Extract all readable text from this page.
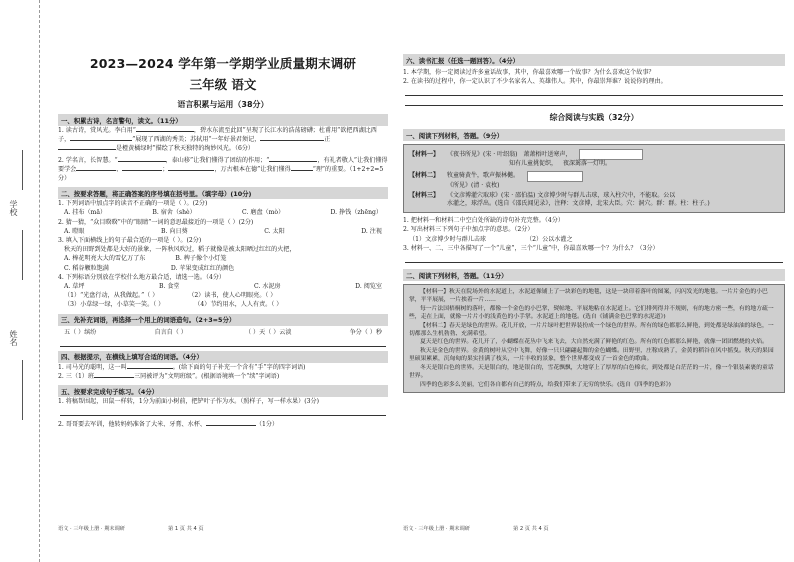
学校
姓名
2023—2024 学年第一学期学业质量期末调研
三年级 语文
语言积累与运用（38分）
一、积累古诗，名言警句，读文。（11分）
1. 读古诗，赏风光。李白用“	，碧水东流至此回”呈现了长江水的浩荡磅礴；杜甫用“欲把西湖比西子，	”展现了西湖的秀美；苏轼用“一年好景君须记，	正是橙黄橘绿时”描绘了秋天独特的绚妙风光。（6分）
2. 学名言，长智慧。“	，泰山移”让我们懂得了团结的作用；“	，有礼者敬人”让我们懂得要学会	、	；	，万古根本在德”让我们懂得	“理”的重要。（1+2+2=5分）
二、按要求答题，将正确答案的序号填在括号里。（填字母）(10分)
1. 下列词语中加点字的读音不正确的一项是（ ）。(2分)
A. 挂布（mā）	B. 宿舍（shè）	C. 磨盘（mò）	D. 挣钱（zhēng）
2. 猜一猜，“众目睽睽”中的“眼睛”一词的意思最接近的一项是（ ）(2分)
A. 瞪眼	B. 向日葵	C. 太阳	D. 注视
3. 填入下面横线上的句子最合适的一项是（ ）。(2分)
秋天的田野到处都是大好的景象，一阵秋风吹过，稻子就像是被太阳晒过红红的火把，
A. 棒花明亮大大的雪亿万了东	B. 稗子像个小灯笼
C. 稻谷颗粒饱满	D. 苹果变成红红的颜色
4. 下列标语分别放在学校什么地方最合适，请选一选。（4分）
A. 草坪	B. 食堂	C. 水泥房	D. 阅览室
（1）“光盘行动，从我做起。”（ ）	（2）读书，使人心明眼亮。（ ）
（3）小草绿一绿，小草笑一笑。（ ）	（4）节约用水，人人有责。（ ）
三、先补充词语，再选择一个用上的词语造句。（2+3=5分）
五（ ）缤纷	自言自（ ）	（ ）天（ ）云淡	争分（ ）秒
四、根据提示，在横线上填写合适的词语。（4分）
1. 司马光的聪明，这一叫	。(给下面的句子补充一个含有“手”字的四字词语)
2. 三（1）班	三同被评为“文明班级”。(根据语境填一个“续”字词语)
五、按要求完成句子练习。（4分）
1. 将稿帮围起，田鼠一样转，1分为前面小树前，把铲叶子作为水。（照样子，写一样水果）(3分)
2. 哥哥要去军训，他转妈妈准备了大米、牙膏、水杯、	（1分）
语文 · 三年级上册 · 期末调研	第 1 页 共 4 页
六、读书汇报（任选一题回答）。（4分）
1. 本学期，你一定阅读过许多童话故事，其中，你最喜欢哪一个故事？为什么喜欢这个故事？
2. 在读书的过程中，你一定认识了不少名家名人、英雄伟人。其中，你最崇拜谁？说说你的理由。
综合阅读与实践（32分）
一、阅读下列材料，答题。（9分）
【材料一】	《夜书所见》(宋 · 叶绍翁) 萧萧梧叶送寒声，
知有儿童挑促织， 夜深篱落一灯明。
【材料二】	牧童骑黄牛，歌声振林樾。
《所见》(清 · 袁枚)
【材料三】	《文彦博灌穴取球》(宋 · 邵伯温) 文彦博少时与群儿击球，球入柱穴中，不能取。公以
水灌之，球浮出。(选自《邵氏闻见录》，注释：文彦博，北宋大臣。穴：洞穴。群：群。柱：柱子。)
1. 把材料一和材料二中空白处所缺的诗句补充完整。（4分）
2. 写出材料三下列句子中加点字的意思。（2分）
（1）文彦博少时与群儿击球	（2）公以水灌之
3. 材料一、二、三中各描写了一个“儿童”，三个“儿童”中，你最喜欢哪一个？为什么？（3分）
二、阅读下列材料，答题。（11分）

【材料一】秋天在院场外的水泥道上，水泥道像铺上了一块彩色的地毯，这是一块印着落叶的图案，闪闪发光的地毯。一片片金色的小巴掌，平平展展，一片挨着一片……

每一片法国梧桐树的落叶，都像一个金色的小巴掌，熨帖地、平展地粘在水泥道上。它们排列得并不规则，有的地方密一些，有的地方疏一些，走在上面，就像一片片小的浅黄色的小手掌。水泥道上的地毯。(选自《铺满金色巴掌的水泥道》)

【材料二】春天是绿色的世界。花儿开放，一片片绿叶把世界装扮成一个绿色的世界。所有的绿色都那么鲜艳，到处都是绿油油的绿色，一切都那么生机勃勃、充满希望。

夏天是红色的世界。花儿开了，小蝴蝶在花丛中飞来飞去，大自然充满了鲜艳的红色。所有的红色都那么鲜艳，就像一团团燃烧的火焰。

秋天是金色的世界。金黄的树叶从空中飞舞，好像一只只翩翩起舞的金色蝴蝶。田野里，庄稼成熟了，金黄的稻谷在风中摇曳。秋天的果园里硕果累累，沉甸甸的果实挂满了枝头，一片丰收的景象，整个世界都变成了一首金色的歌曲。

冬天是银白色的世界。天是银白的，地是银白的，雪花飘飘，大地穿上了厚厚的白色棉衣，到处都是白茫茫的一片，像一个银装素裹的童话世界。

四季的色彩多么美丽，它们各自都有自己的特点，给我们带来了无穷的快乐。(选自《四季的色彩》)

语文 · 三年级上册 · 期末调研	第 2 页 共 4 页
